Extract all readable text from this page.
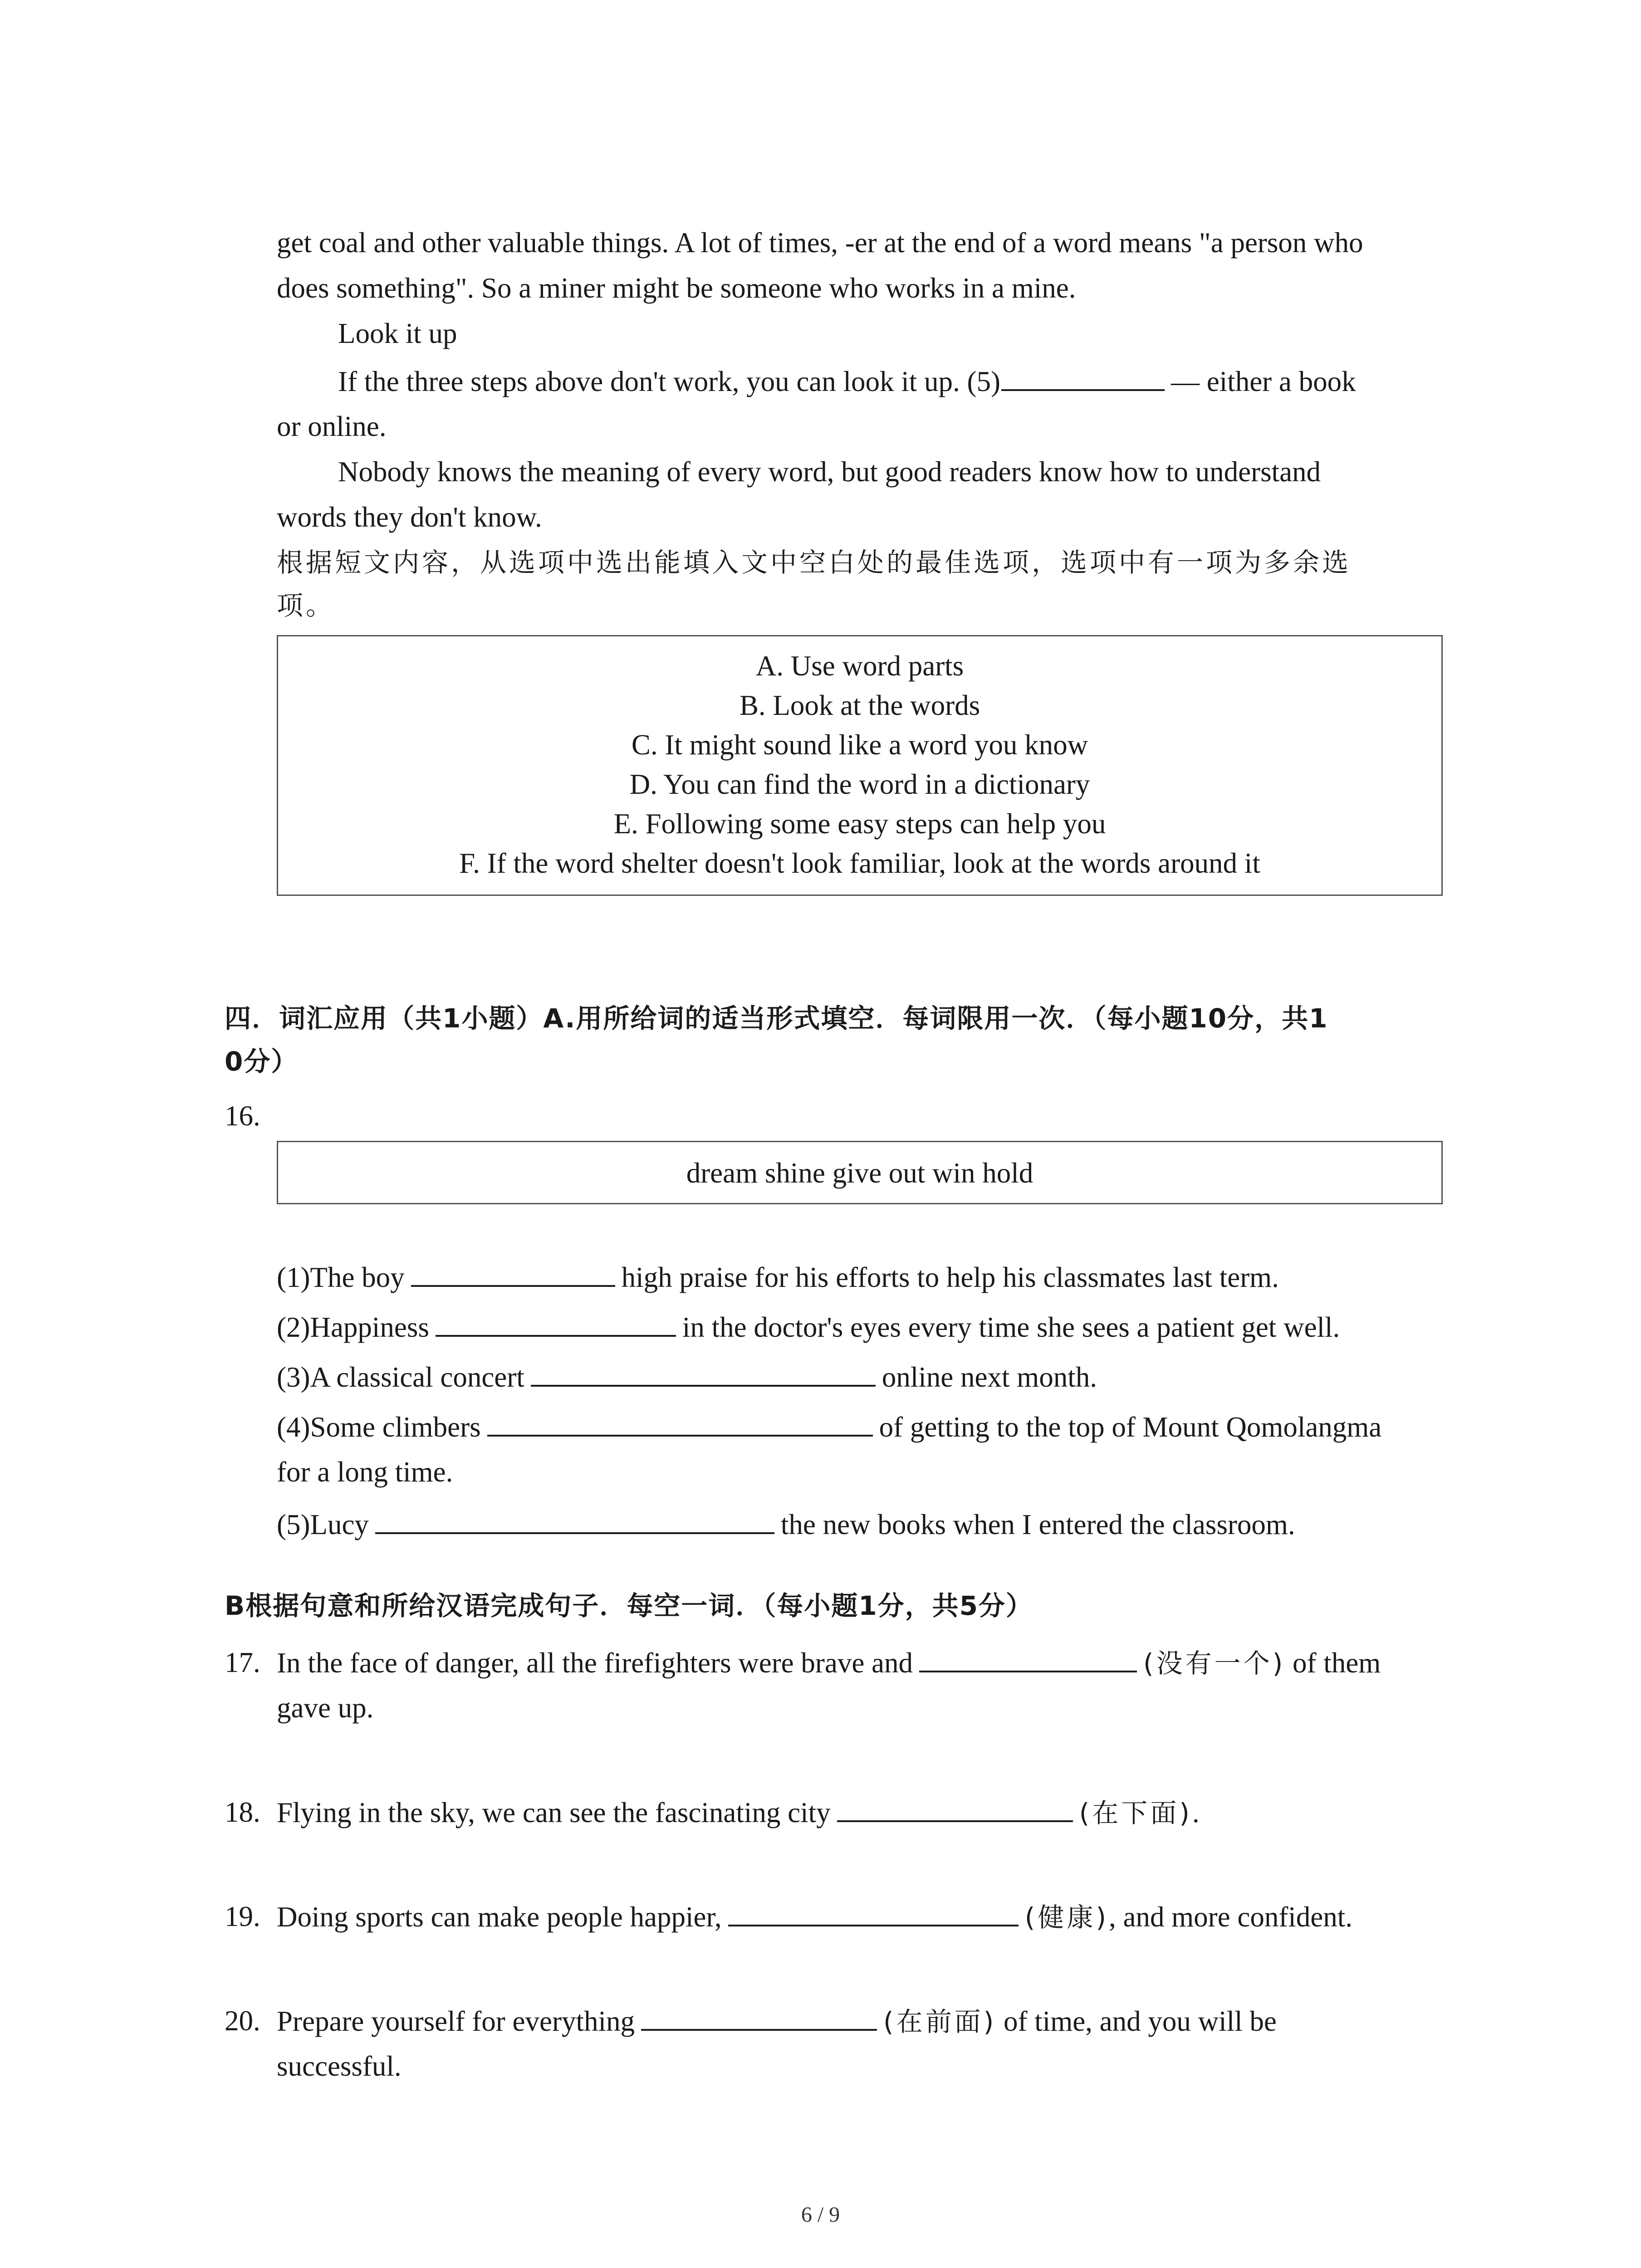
get coal and other valuable things. A lot of times, -er at the end of a word means "a person who
does something". So a miner might be someone who works in a mine.
Look it up
If the three steps above don't work, you can look it up. (5)	— either a book
or online.
Nobody knows the meaning of every word, but good readers know how to understand
words they don't know.
根据短文内容，从选项中选出能填入文中空白处的最佳选项，选项中有一项为多余选
项。
A. Use word parts
B. Look at the words
C. It might sound like a word you know
D. You can find the word in a dictionary
E. Following some easy steps can help you
F. If the word shelter doesn't look familiar, look at the words around it
四．词汇应用（共1小题）A.用所给词的适当形式填空．每词限用一次．（每小题10分，共1
0分）
16.
dream shine give out win hold
(1)The boy	high praise for his efforts to help his classmates last term.
(2)Happiness	in the doctor's eyes every time she sees a patient get well.
(3)A classical concert	online next month.
(4)Some climbers	of getting to the top of Mount Qomolangma
for a long time.
(5)Lucy	the new books when I entered the classroom.
B根据句意和所给汉语完成句子．每空一词．（每小题1分，共5分）
17. In the face of danger, all the firefighters were brave and	(没有一个) of them
gave up.
18. Flying in the sky, we can see the fascinating city	(在下面).
19. Doing sports can make people happier,	(健康), and more confident.
20. Prepare yourself for everything	(在前面) of time, and you will be
successful.
6 / 9
